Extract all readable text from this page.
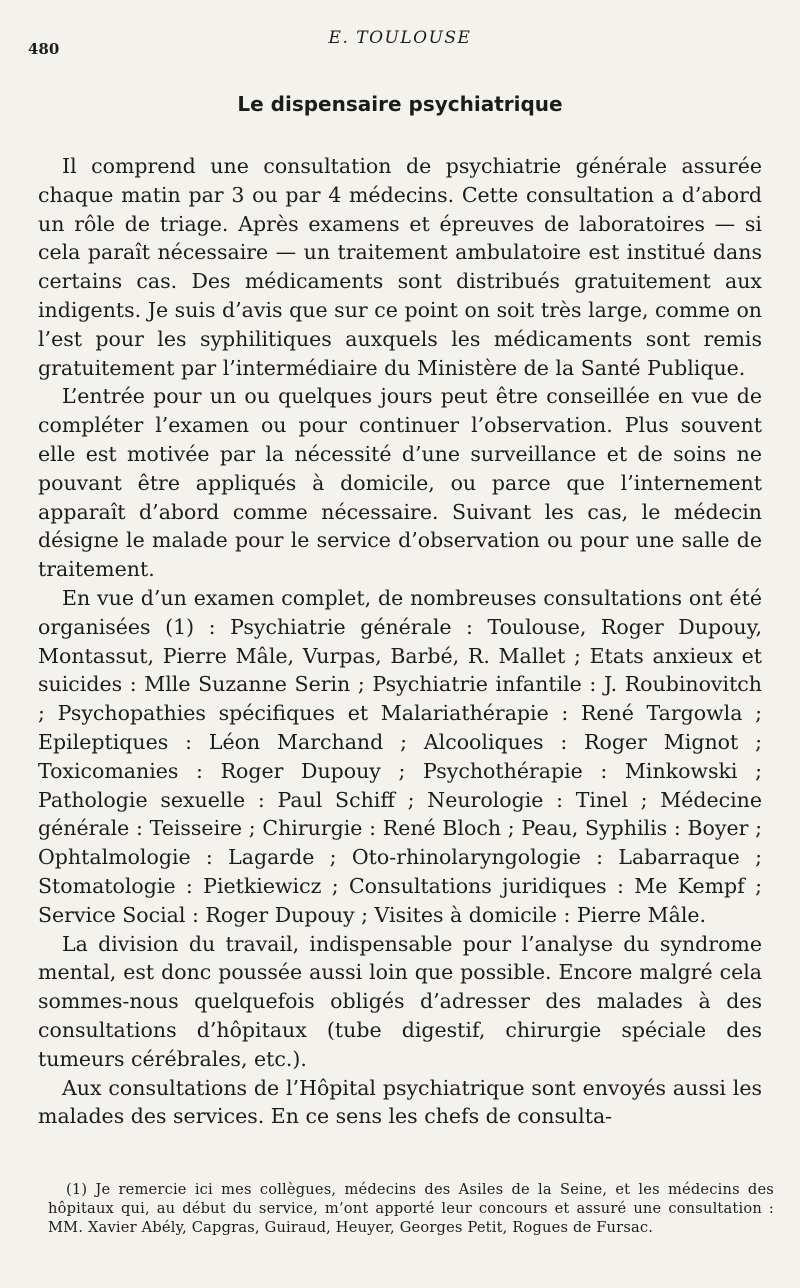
480
E. TOULOUSE
Le dispensaire psychiatrique

Il comprend une consultation de psychiatrie générale assurée chaque matin par 3 ou par 4 médecins. Cette consultation a d’abord un rôle de triage. Après examens et épreuves de laboratoires — si cela paraît nécessaire — un traitement ambulatoire est institué dans certains cas. Des médicaments sont distribués gratuitement aux indigents. Je suis d’avis que sur ce point on soit très large, comme on l’est pour les syphilitiques auxquels les médicaments sont remis gratuitement par l’intermédiaire du Ministère de la Santé Publique.

L’entrée pour un ou quelques jours peut être conseillée en vue de compléter l’examen ou pour continuer l’observation. Plus souvent elle est motivée par la nécessité d’une surveillance et de soins ne pouvant être appliqués à domicile, ou parce que l’internement apparaît d’abord comme nécessaire. Suivant les cas, le médecin désigne le malade pour le service d’observation ou pour une salle de traitement.

En vue d’un examen complet, de nombreuses consultations ont été organisées (1) : Psychiatrie générale : Toulouse, Roger Dupouy, Montassut, Pierre Mâle, Vurpas, Barbé, R. Mallet ; Etats anxieux et suicides : Mlle Suzanne Serin ; Psychiatrie infantile : J. Roubinovitch ; Psychopathies spécifiques et Malariathérapie : René Targowla ; Epileptiques : Léon Marchand ; Alcooliques : Roger Mignot ; Toxicomanies : Roger Dupouy ; Psychothérapie : Minkowski ; Pathologie sexuelle : Paul Schiff ; Neurologie : Tinel ; Médecine générale : Teisseire ; Chirurgie : René Bloch ; Peau, Syphilis : Boyer ; Ophtalmologie : Lagarde ; Oto-rhinolaryngologie : Labarraque ; Stomatologie : Pietkiewicz ; Consultations juridiques : Me Kempf ; Service Social : Roger Dupouy ; Visites à domicile : Pierre Mâle.

La division du travail, indispensable pour l’analyse du syndrome mental, est donc poussée aussi loin que possible. Encore malgré cela sommes-nous quelquefois obligés d’adresser des malades à des consultations d’hôpitaux (tube digestif, chirurgie spéciale des tumeurs cérébrales, etc.).

Aux consultations de l’Hôpital psychiatrique sont envoyés aussi les malades des services. En ce sens les chefs de consulta-

(1) Je remercie ici mes collègues, médecins des Asiles de la Seine, et les médecins des hôpitaux qui, au début du service, m’ont apporté leur concours et assuré une consultation : MM. Xavier Abély, Capgras, Guiraud, Heuyer, Georges Petit, Rogues de Fursac.
